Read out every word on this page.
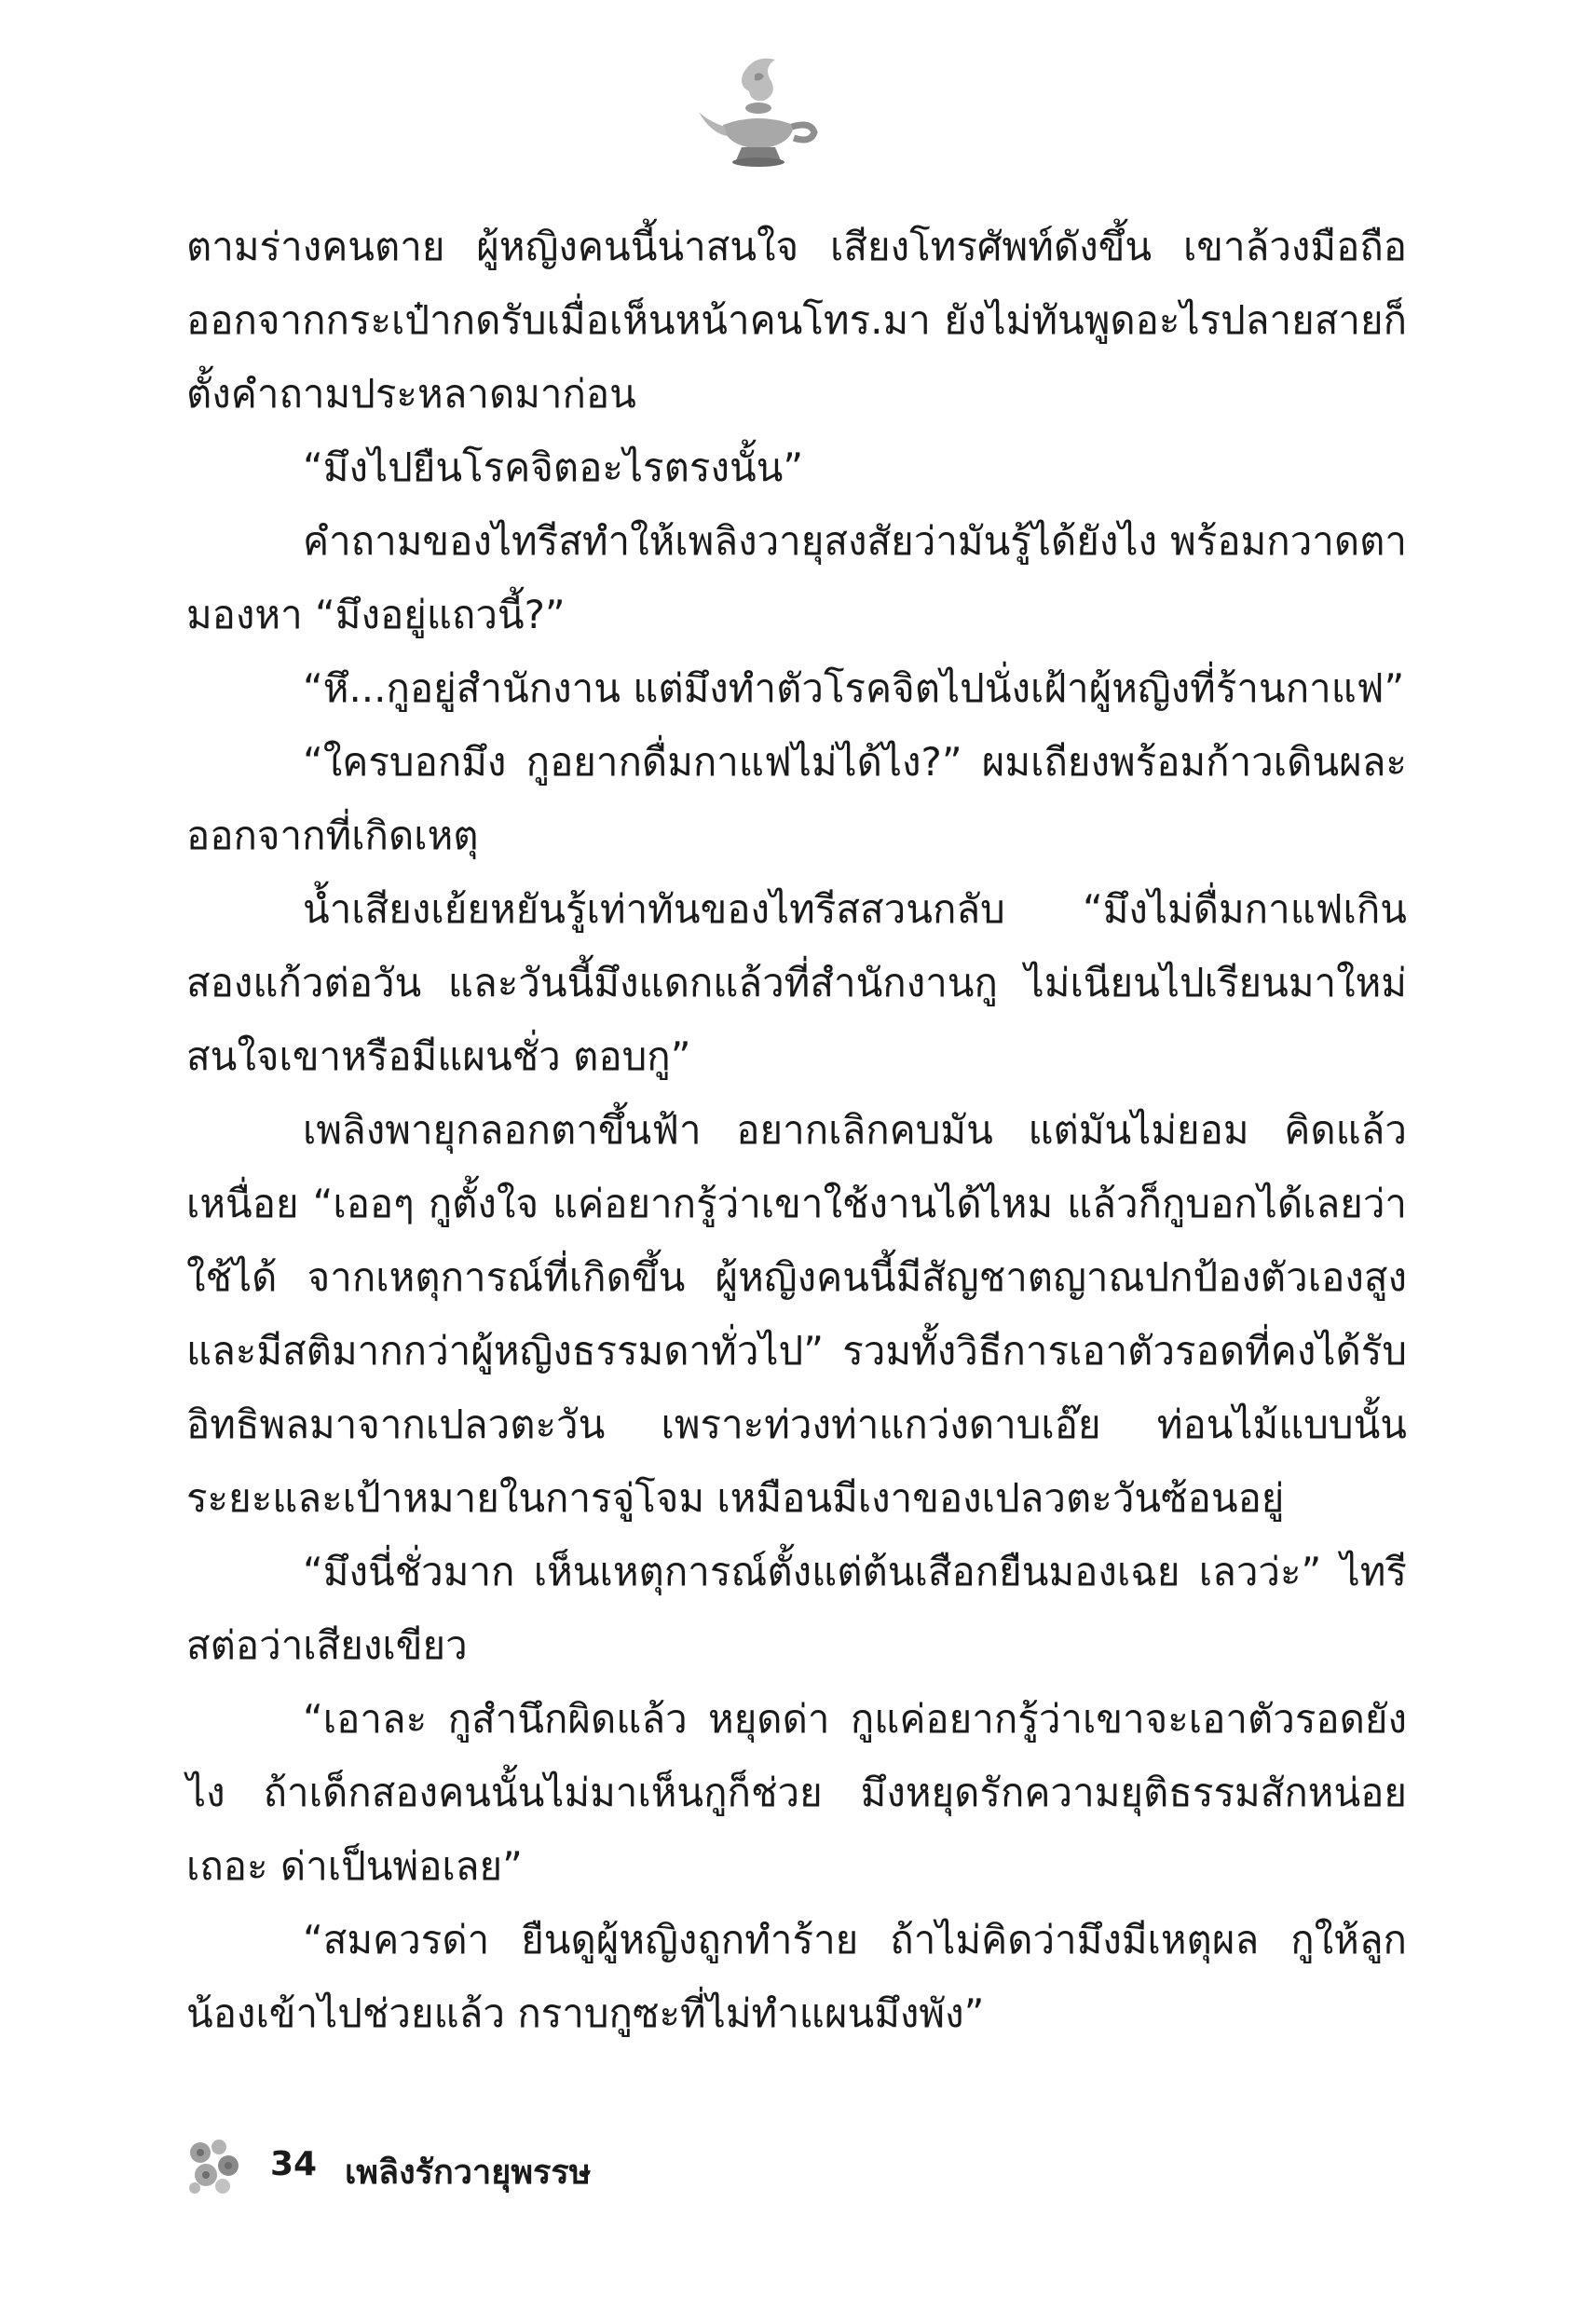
ตามร่างคนตาย ผู้หญิงคนนี้น่าสนใจ เสียงโทรศัพท์ดังขึ้น เขาล้วงมือถือออกจากกระเป๋ากดรับเมื่อเห็นหน้าคนโทร.มา ยังไม่ทันพูดอะไรปลายสายก็ตั้งคำถามประหลาดมาก่อน

“มึงไปยืนโรคจิตอะไรตรงนั้น”

คำถามของไทรีสทำให้เพลิงวายุสงสัยว่ามันรู้ได้ยังไง พร้อมกวาดตามองหา “มึงอยู่แถวนี้?”

“หึ...กูอยู่สำนักงาน แต่มึงทำตัวโรคจิตไปนั่งเฝ้าผู้หญิงที่ร้านกาแฟ”

“ใครบอกมึง กูอยากดื่มกาแฟไม่ได้ไง?” ผมเถียงพร้อมก้าวเดินผละออกจากที่เกิดเหตุ

น้ำเสียงเย้ยหยันรู้เท่าทันของไทรีสสวนกลับ “มึงไม่ดื่มกาแฟเกินสองแก้วต่อวัน และวันนี้มึงแดกแล้วที่สำนักงานกู ไม่เนียนไปเรียนมาใหม่ สนใจเขาหรือมีแผนชั่ว ตอบกู”

เพลิงพายุกลอกตาขึ้นฟ้า อยากเลิกคบมัน แต่มันไม่ยอม คิดแล้วเหนื่อย “เออๆ กูตั้งใจ แค่อยากรู้ว่าเขาใช้งานได้ไหม แล้วก็กูบอกได้เลยว่าใช้ได้ จากเหตุการณ์ที่เกิดขึ้น ผู้หญิงคนนี้มีสัญชาตญาณปกป้องตัวเองสูง และมีสติมากกว่าผู้หญิงธรรมดาทั่วไป” รวมทั้งวิธีการเอาตัวรอดที่คงได้รับอิทธิพลมาจากเปลวตะวัน เพราะท่วงท่าแกว่งดาบเอ๊ย ท่อนไม้แบบนั้น ระยะและเป้าหมายในการจู่โจม เหมือนมีเงาของเปลวตะวันซ้อนอยู่

“มึงนี่ชั่วมาก เห็นเหตุการณ์ตั้งแต่ต้นเสือกยืนมองเฉย เลวว่ะ” ไทรีสต่อว่าเสียงเขียว

“เอาละ กูสำนึกผิดแล้ว หยุดด่า กูแค่อยากรู้ว่าเขาจะเอาตัวรอดยังไง ถ้าเด็กสองคนนั้นไม่มาเห็นกูก็ช่วย มึงหยุดรักความยุติธรรมสักหน่อยเถอะ ด่าเป็นพ่อเลย”

“สมควรด่า ยืนดูผู้หญิงถูกทำร้าย ถ้าไม่คิดว่ามึงมีเหตุผล กูให้ลูกน้องเข้าไปช่วยแล้ว กราบกูซะที่ไม่ทำแผนมึงพัง”

34 เพลิงรักวายุพรรษ
